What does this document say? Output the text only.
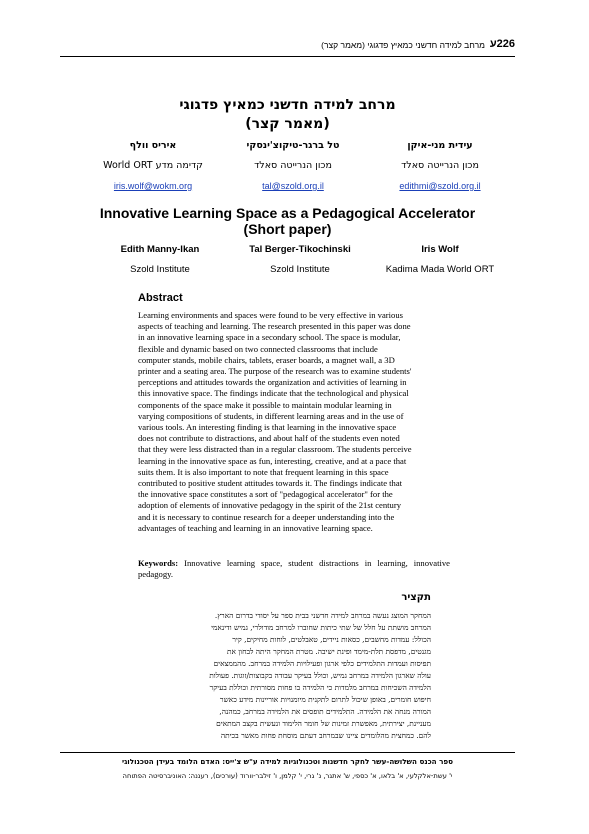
מרחב למידה חדשני כמאיץ פדגוגי (מאמר קצר) 226ע
מרחב למידה חדשני כמאיץ פדגוגי
(מאמר קצר)
עידית מני-איקן
מכון הנרייטה סאלד
edithmi@szold.org.il
טל ברגר-טיקוצ'ינסקי
מכון הנרייטה סאלד
tal@szold.org.il
איריס וולף
קדימה מדע World ORT
iris.wolf@wokm.org
Innovative Learning Space as a Pedagogical Accelerator
(Short paper)
Iris Wolf
Kadima Mada World ORT
Tal Berger-Tikochinski
Szold Institute
Edith Manny-Ikan
Szold Institute
Abstract
Learning environments and spaces were found to be very effective in various
aspects of teaching and learning. The research presented in this paper was done
in an innovative learning space in a secondary school. The space is modular,
flexible and dynamic based on two connected classrooms that include
computer stands, mobile chairs, tablets, eraser boards, a magnet wall, a 3D
printer and a seating area. The purpose of the research was to examine students'
perceptions and attitudes towards the organization and activities of learning in
this innovative space. The findings indicate that the technological and physical
components of the space make it possible to maintain modular learning in
varying compositions of students, in different learning areas and in the use of
various tools. An interesting finding is that learning in the innovative space
does not contribute to distractions, and about half of the students even noted
that they were less distracted than in a regular classroom. The students perceive
learning in the innovative space as fun, interesting, creative, and at a pace that
suits them. It is also important to note that frequent learning in this space
contributed to positive student attitudes towards it. The findings indicate that
the innovative space constitutes a sort of "pedagogical accelerator" for the
adoption of elements of innovative pedagogy in the spirit of the 21st century
and it is necessary to continue research for a deeper understanding into the
advantages of teaching and learning in an innovative learning space.
Keywords: Innovative learning space, student distractions in learning, innovative pedagogy.
תקציר
המחקר המוצג נעשה במרחב למידה חדשני בבית ספר על יסודי בדרום הארץ.
המרחב מושתת על חלל של שתי כיתות שחוברו למרחב מודולרי, גמיש ודינאמי
הכולל: עמדות מחשבים, כסאות ניידים, טאבלטים, לוחות מחיקים, קיר
מגנטים, מדפסת תלת-מימד ופינת ישיבה. מטרת המחקר היתה לבחון את
תפיסות ועמדות התלמידים כלפי ארגון ופעילויות הלמידה במרחב. מהממצאים
עולה שארגון הלמידה במרחב גמיש, וכולל בעיקר עבודה בקבוצות/זוגות. פעולות
הלמידה השכיחות במרחב מלמדות כי הלמידה בו פחות מסורתית וכוללת בעיקר
חיפוש חומרים, באופן שיכול לתרום לתקנית מיומנויות אוריינות מידע כאשר
המורה מנחה את הלמידה. התלמידים תופסים את הלמידה במרחב, כמהנה,
מעניינת, יצירתית, מאפשרת זמינות של חומר הלימוד ונעשית בקצב המתאים
להם. כמחצית מהלומדים ציינו שבמרחב דעתם מוסחת פחות מאשר בכיתה
ספר הכנס השלושה-עשר לחקר חדשנות וטכנולוגיות למידה ע"ש צ'ייס: האדם הלומד בעידן הטכנולוגי
י' עשת-אלקלעי, א' בלאו, א' כספי, ש' אתגר, נ' גרי, י' קלמן, ו' זילבר-וורוד (עורכים), רעננה: האוניברסיטה הפתוחה
